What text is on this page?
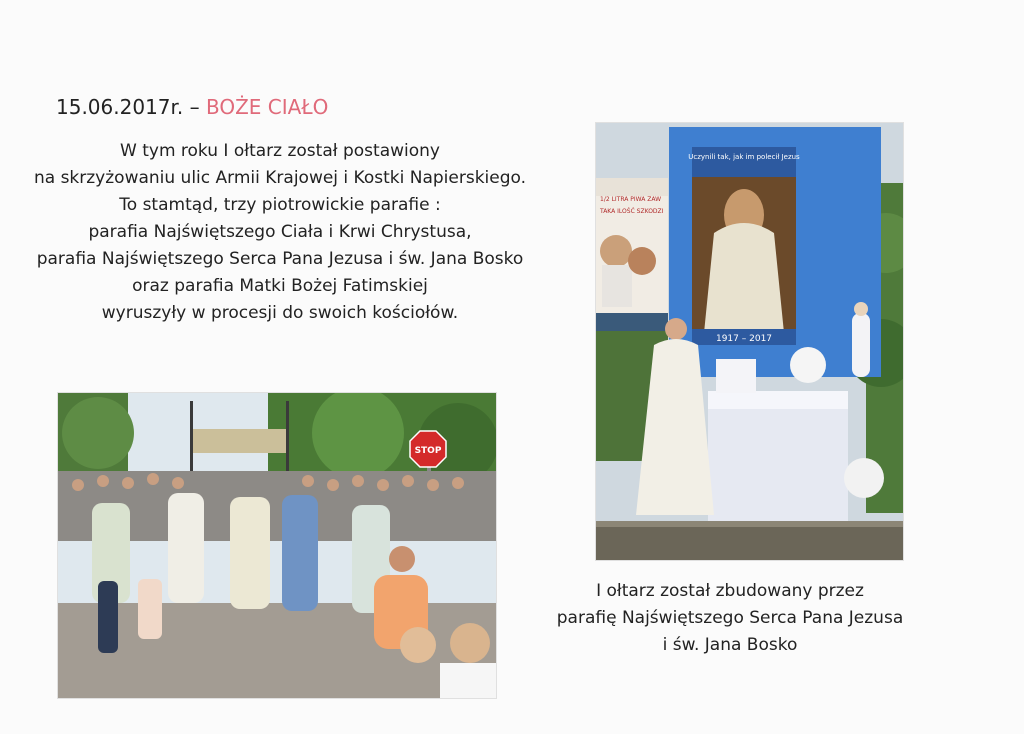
15.06.2017r. – BOŻE CIAŁO
W tym roku I ołtarz został postawiony
na skrzyżowaniu ulic Armii Krajowej i Kostki Napierskiego.
To stamtąd, trzy piotrowickie parafie :
parafia Najświętszego Ciała i Krwi Chrystusa,
parafia Najświętszego Serca Pana Jezusa i św. Jana Bosko
oraz parafia Matki Bożej Fatimskiej
wyruszyły w procesji do swoich kościołów.
1/2 LITRA PIWA ZAW
TAKA ILOŚĆ SZKODZI
Uczynili tak, jak im polecił Jezus
1917 – 2017
STOP
I ołtarz został zbudowany przez
parafię Najświętszego Serca Pana Jezusa
i św. Jana Bosko
